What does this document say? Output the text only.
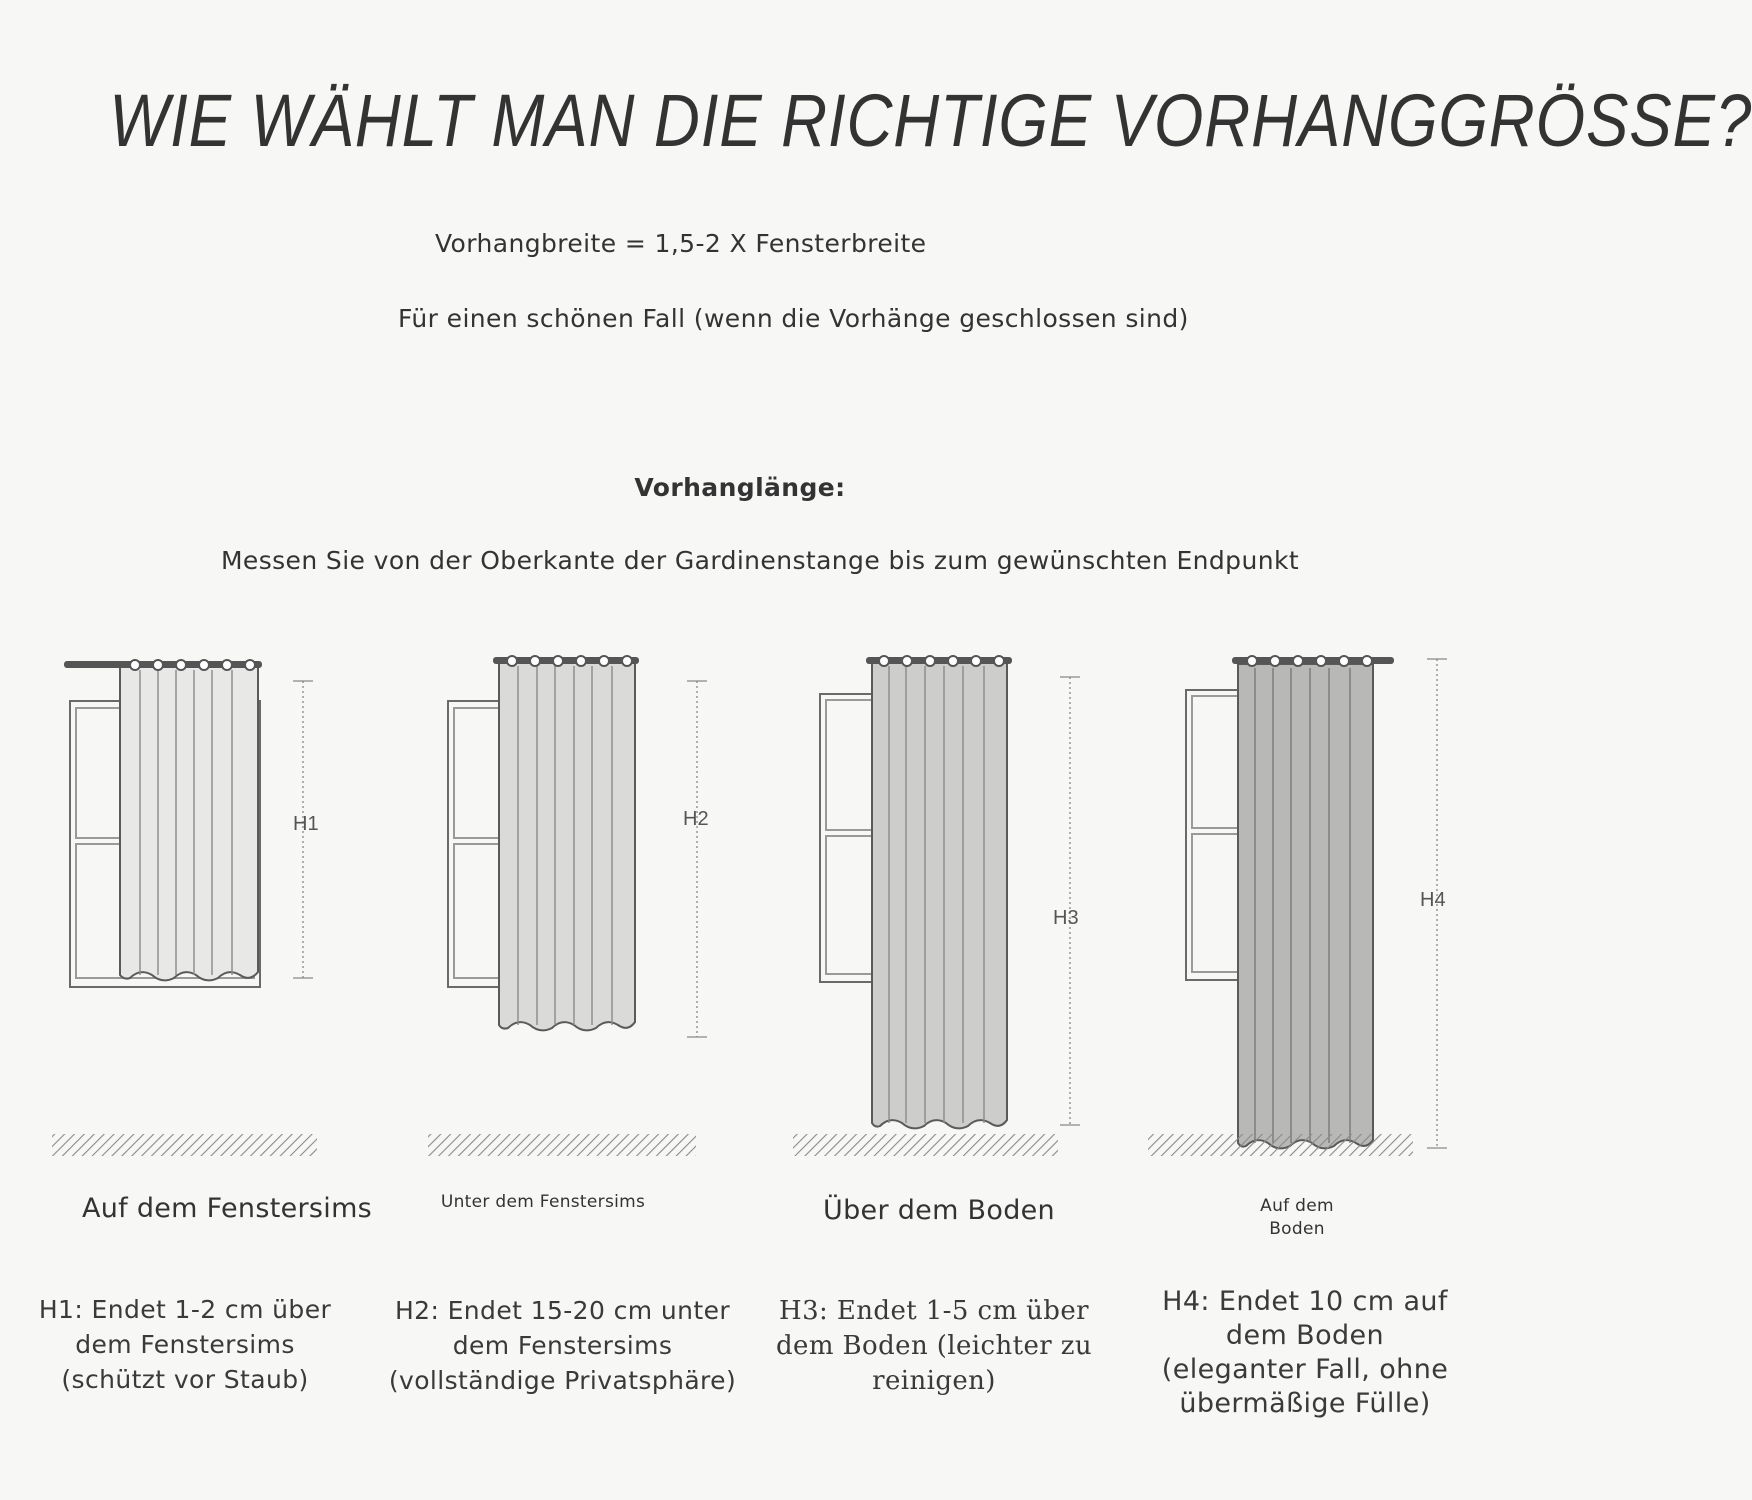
WIE WÄHLT MAN DIE RICHTIGE VORHANGGRÖSSE?
Vorhangbreite = 1,5-2 X Fensterbreite
Für einen schönen Fall (wenn die Vorhänge geschlossen sind)
Vorhanglänge:
Messen Sie von der Oberkante der Gardinenstange bis zum gewünschten Endpunkt
H1	H2
H3
H4
Auf dem Fenstersims	Unter dem Fenstersims	Über dem Boden	Auf dem
Boden
H1: Endet 1-2 cm über
dem Fenstersims
(schützt vor Staub)
H2: Endet 15-20 cm unter
dem Fenstersims
(vollständige Privatsphäre)
H3: Endet 1-5 cm über
dem Boden (leichter zu
reinigen)
H4: Endet 10 cm auf
dem Boden
(eleganter Fall, ohne
übermäßige Fülle)
